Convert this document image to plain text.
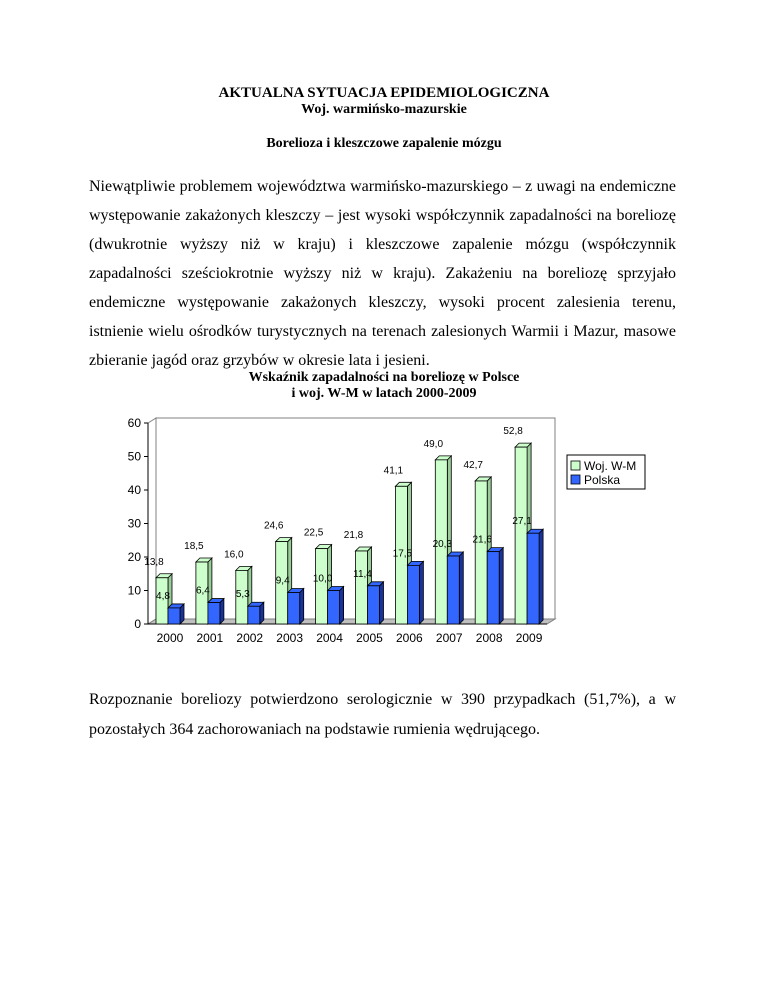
AKTUALNA SYTUACJA EPIDEMIOLOGICZNA
Woj. warmińsko-mazurskie
Borelioza i kleszczowe zapalenie mózgu

Niewątpliwie problemem województwa warmińsko-mazurskiego – z uwagi na endemiczne występowanie zakażonych kleszczy – jest wysoki współczynnik zapadalności na boreliozę (dwukrotnie wyższy niż w kraju) i kleszczowe zapalenie mózgu (współczynnik zapadalności sześciokrotnie wyższy niż w kraju). Zakażeniu na boreliozę sprzyjało endemiczne występowanie zakażonych kleszczy, wysoki procent zalesienia terenu, istnienie wielu ośrodków turystycznych na terenach zalesionych Warmii i Mazur, masowe zbieranie jagód oraz grzybów w okresie lata i jesieni.

Wskaźnik zapadalności na boreliozę w Polsce
i woj. W-M w latach 2000-2009
0
10
20
30
40
50
60
13,8
4,8
2000
18,5
6,4
2001
16,0
5,3
2002
24,6
9,4
2003
22,5
10,0
2004
21,8
11,4
2005
41,1
17,5
2006
49,0
20,3
2007
42,7
21,6
2008
52,8
27,1
2009
Woj. W-M
Polska

Rozpoznanie boreliozy potwierdzono serologicznie w 390 przypadkach (51,7%), a w pozostałych 364 zachorowaniach na podstawie rumienia wędrującego.
